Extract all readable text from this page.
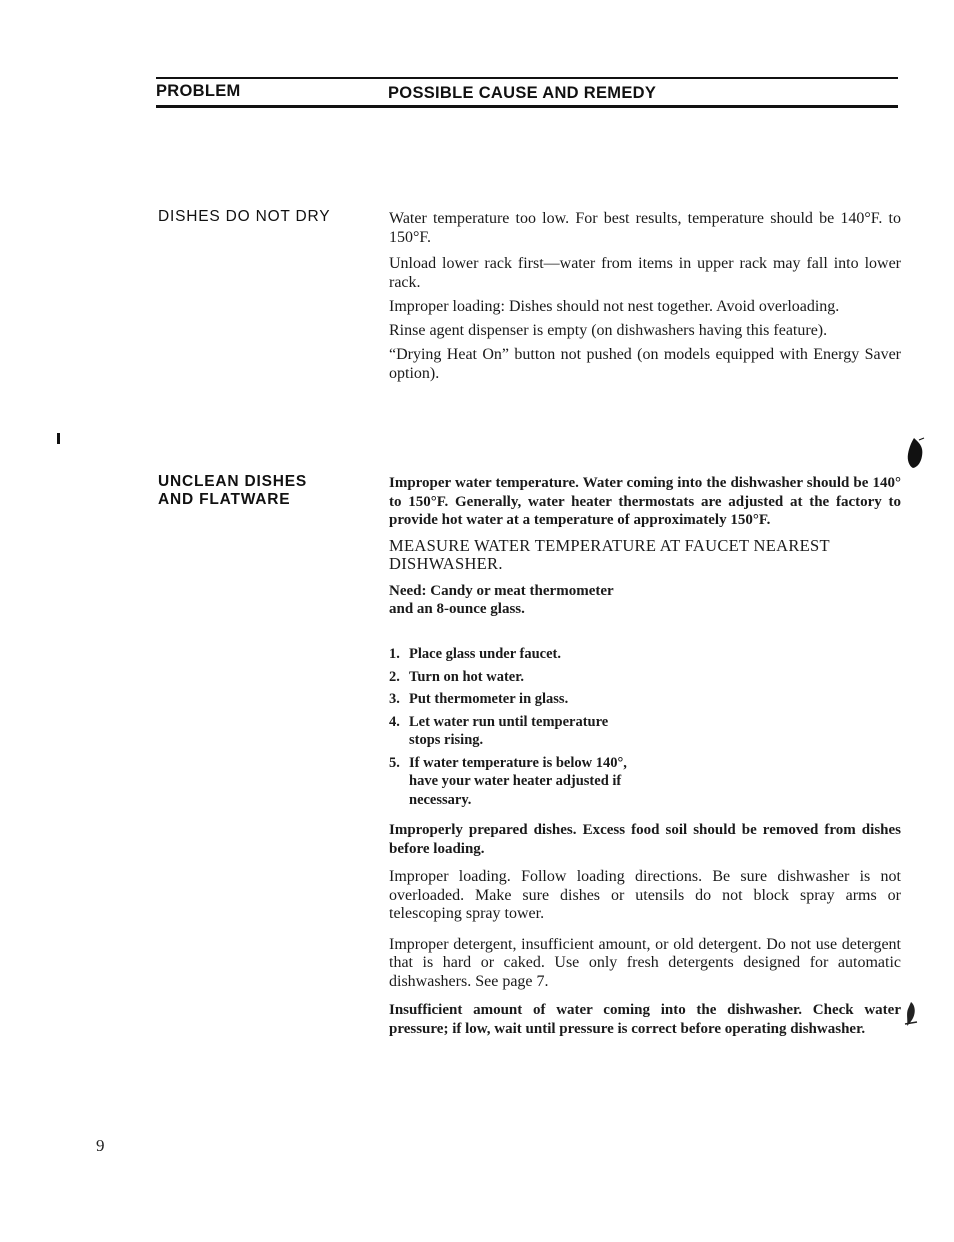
PROBLEM	POSSIBLE CAUSE AND REMEDY
DISHES DO NOT DRY	Water temperature too low. For best results, temperature should be 140°F. to 150°F.

Unload lower rack first—water from items in upper rack may fall into lower rack.

Improper loading: Dishes should not nest together. Avoid overloading.

Rinse agent dispenser is empty (on dishwashers having this feature).

“Drying Heat On” button not pushed (on models equipped with Energy Saver option).

UNCLEAN DISHES
AND FLATWARE

Improper water temperature. Water coming into the dishwasher should be 140° to 150°F. Generally, water heater thermostats are adjusted at the factory to provide hot water at a temperature of approximately 150°F.

MEASURE WATER TEMPERATURE AT FAUCET NEAREST DISHWASHER.

Need: Candy or meat thermometer and an 8-ounce glass.

1. Place glass under faucet.
2. Turn on hot water.
3. Put thermometer in glass.
4. Let water run until temperature stops rising.
5. If water temperature is below 140°, have your water heater adjusted if necessary.

Improperly prepared dishes. Excess food soil should be removed from dishes before loading.

Improper loading. Follow loading directions. Be sure dishwasher is not overloaded. Make sure dishes or utensils do not block spray arms or telescoping spray tower.

Improper detergent, insufficient amount, or old detergent. Do not use detergent that is hard or caked. Use only fresh detergents designed for automatic dishwashers. See page 7.

Insufficient amount of water coming into the dishwasher. Check water pressure; if low, wait until pressure is correct before operating dishwasher.

9
